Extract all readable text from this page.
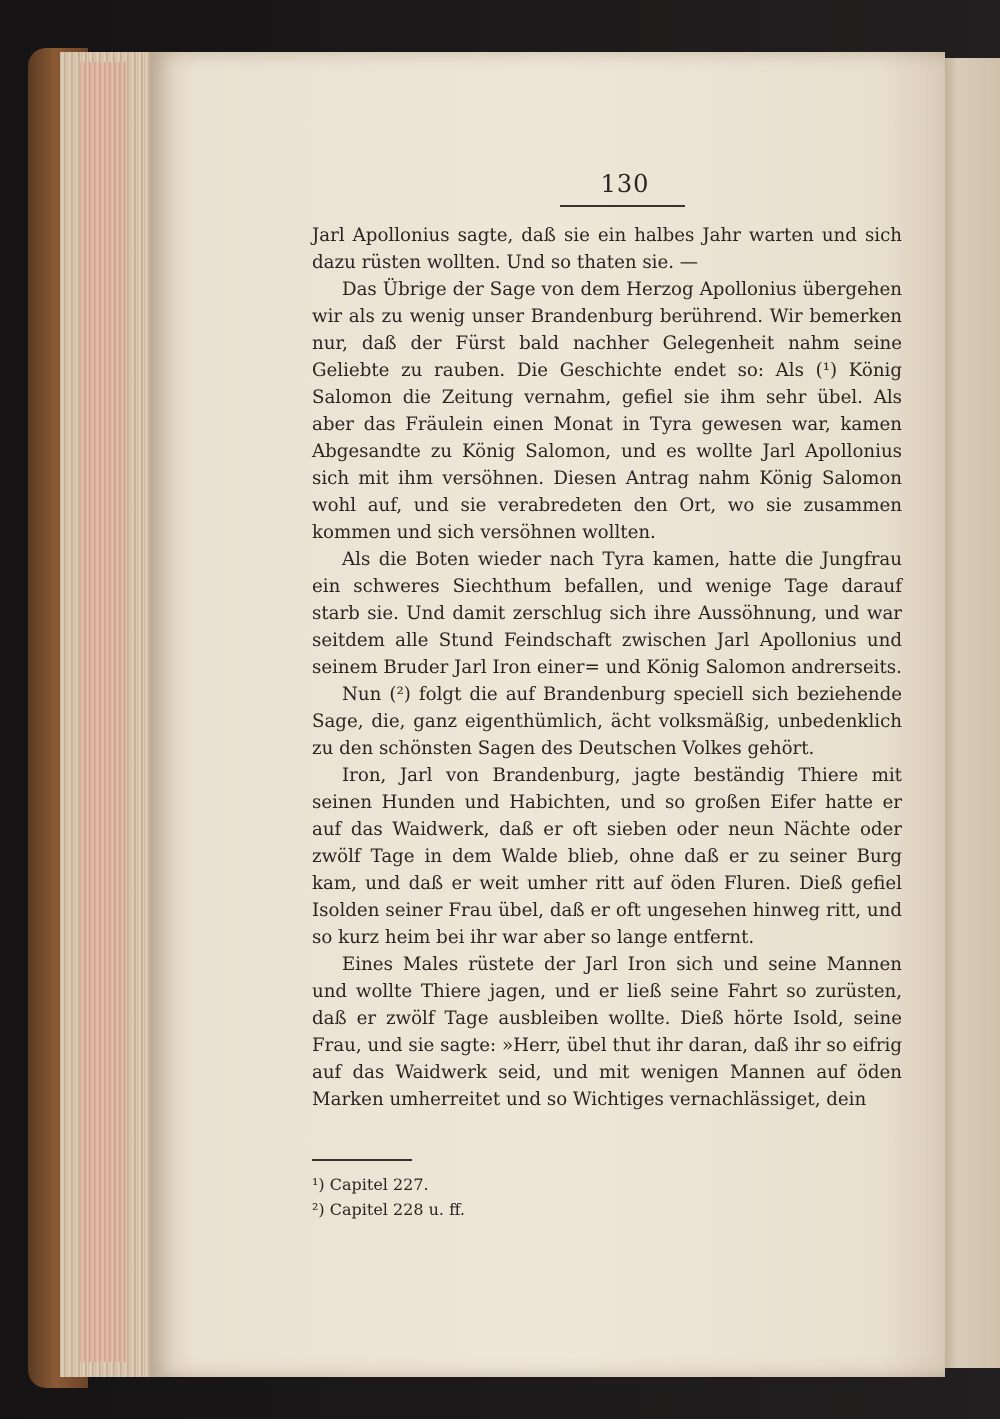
130

Jarl Apollonius sagte, daß sie ein halbes Jahr warten und sich dazu rüsten wollten. Und so thaten sie. —

Das Übrige der Sage von dem Herzog Apollonius übergehen wir als zu wenig unser Brandenburg berührend. Wir bemerken nur, daß der Fürst bald nachher Gelegenheit nahm seine Geliebte zu rauben. Die Geschichte endet so: Als (¹) König Salomon die Zeitung vernahm, gefiel sie ihm sehr übel. Als aber das Fräulein einen Monat in Tyra gewesen war, kamen Abgesandte zu König Salomon, und es wollte Jarl Apollonius sich mit ihm versöhnen. Diesen Antrag nahm König Salomon wohl auf, und sie verabredeten den Ort, wo sie zusammen kommen und sich versöhnen wollten.

Als die Boten wieder nach Tyra kamen, hatte die Jungfrau ein schweres Siechthum befallen, und wenige Tage darauf starb sie. Und damit zerschlug sich ihre Aussöhnung, und war seitdem alle Stund Feindschaft zwischen Jarl Apollonius und seinem Bruder Jarl Iron einer= und König Salomon andrerseits.

Nun (²) folgt die auf Brandenburg speciell sich beziehende Sage, die, ganz eigenthümlich, ächt volksmäßig, unbedenklich zu den schönsten Sagen des Deutschen Volkes gehört.

Iron, Jarl von Brandenburg, jagte beständig Thiere mit seinen Hunden und Habichten, und so großen Eifer hatte er auf das Waidwerk, daß er oft sieben oder neun Nächte oder zwölf Tage in dem Walde blieb, ohne daß er zu seiner Burg kam, und daß er weit umher ritt auf öden Fluren. Dieß gefiel Isolden seiner Frau übel, daß er oft ungesehen hinweg ritt, und so kurz heim bei ihr war aber so lange entfernt.

Eines Males rüstete der Jarl Iron sich und seine Mannen und wollte Thiere jagen, und er ließ seine Fahrt so zurüsten, daß er zwölf Tage ausbleiben wollte. Dieß hörte Isold, seine Frau, und sie sagte: »Herr, übel thut ihr daran, daß ihr so eifrig auf das Waidwerk seid, und mit wenigen Mannen auf öden Marken umherreitet und so Wichtiges vernachlässiget, dein

¹) Capitel 227.
²) Capitel 228 u. ff.
